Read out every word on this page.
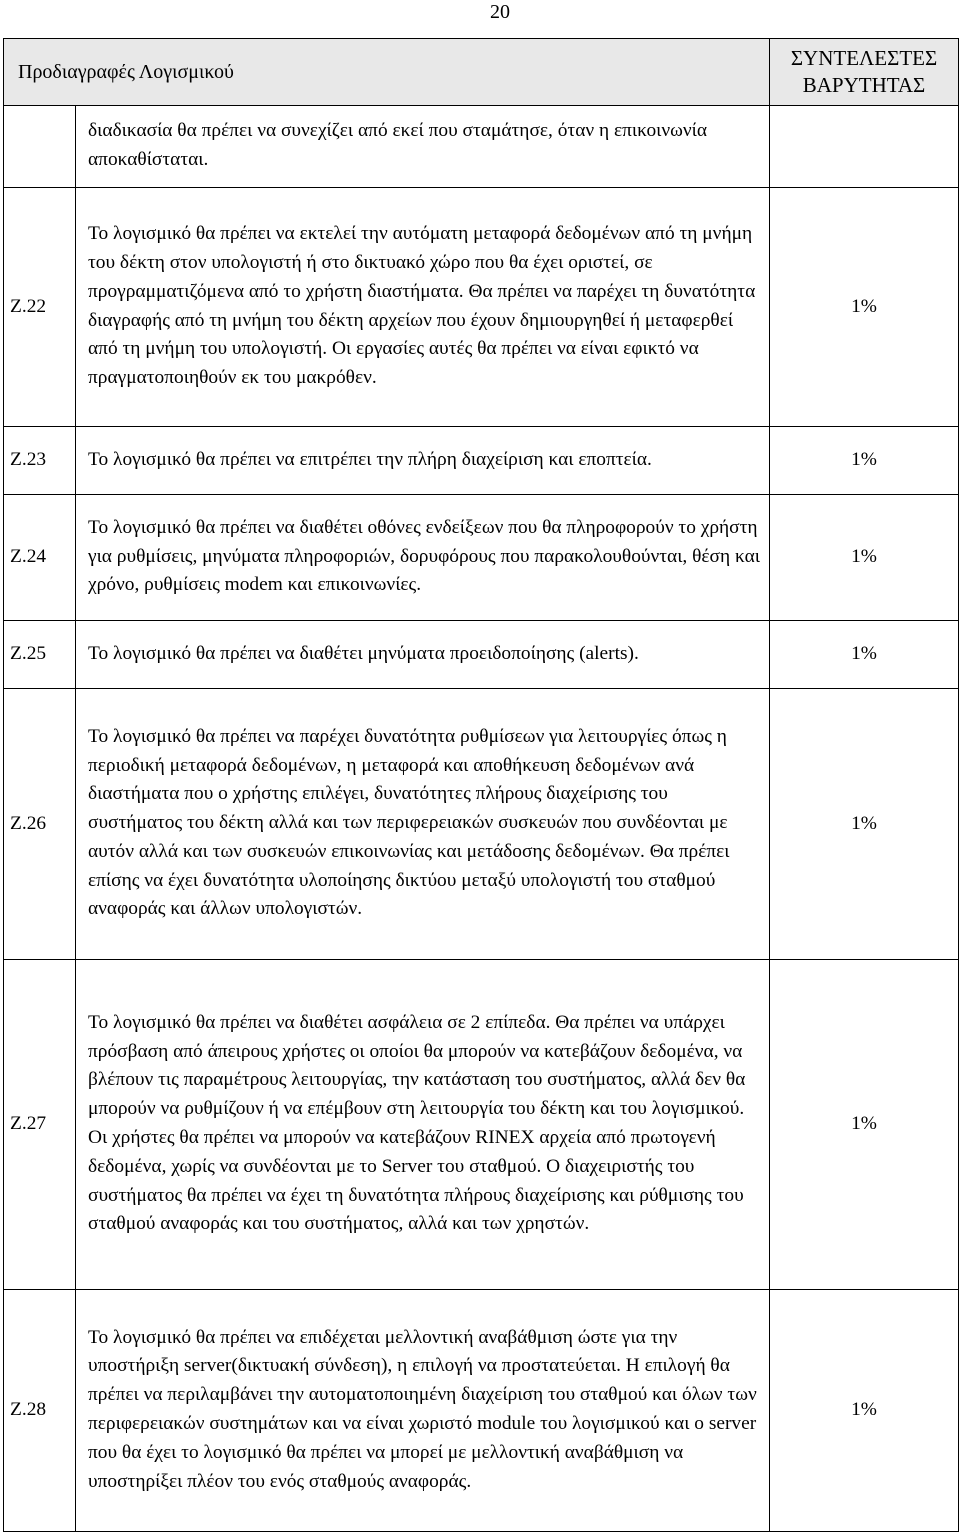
20
Προδιαγραφές Λογισμικού		ΣΥΝΤΕΛΕΣΤΕΣ ΒΑΡΥΤΗΤΑΣ
	διαδικασία θα πρέπει να συνεχίζει από εκεί που σταμάτησε, όταν η επικοινωνία αποκαθίσταται.	
Ζ.22	Το λογισμικό θα πρέπει να εκτελεί την αυτόματη μεταφορά δεδομένων από τη μνήμη του δέκτη στον υπολογιστή ή στο δικτυακό χώρο που θα έχει οριστεί, σε προγραμματιζόμενα από το χρήστη διαστήματα. Θα πρέπει να παρέχει τη δυνατότητα διαγραφής από τη μνήμη του δέκτη αρχείων που έχουν δημιουργηθεί ή μεταφερθεί από τη μνήμη του υπολογιστή. Οι εργασίες αυτές θα πρέπει να είναι εφικτό να πραγματοποιηθούν εκ του μακρόθεν.	1%
Ζ.23	Το λογισμικό θα πρέπει να επιτρέπει την πλήρη διαχείριση και εποπτεία.	1%
Ζ.24	Το λογισμικό θα πρέπει να διαθέτει οθόνες ενδείξεων που θα πληροφορούν το χρήστη για ρυθμίσεις, μηνύματα πληροφοριών, δορυφόρους που παρακολουθούνται, θέση και χρόνο, ρυθμίσεις modem και επικοινωνίες.	1%
Ζ.25	Το λογισμικό θα πρέπει να διαθέτει μηνύματα προειδοποίησης (alerts).	1%
Ζ.26	Το λογισμικό θα πρέπει να παρέχει δυνατότητα ρυθμίσεων για λειτουργίες όπως η περιοδική μεταφορά δεδομένων, η μεταφορά και αποθήκευση δεδομένων ανά διαστήματα που ο χρήστης επιλέγει, δυνατότητες πλήρους διαχείρισης του συστήματος του δέκτη αλλά και των περιφερειακών συσκευών που συνδέονται με αυτόν αλλά και των συσκευών επικοινωνίας και μετάδοσης δεδομένων. Θα πρέπει επίσης να έχει δυνατότητα υλοποίησης δικτύου μεταξύ υπολογιστή του σταθμού αναφοράς και άλλων υπολογιστών.	1%
Ζ.27	Το λογισμικό θα πρέπει να διαθέτει ασφάλεια σε 2 επίπεδα. Θα πρέπει να υπάρχει πρόσβαση από άπειρους χρήστες οι οποίοι θα μπορούν να κατεβάζουν δεδομένα, να βλέπουν τις παραμέτρους λειτουργίας, την κατάσταση του συστήματος, αλλά δεν θα μπορούν να ρυθμίζουν ή να επέμβουν στη λειτουργία του δέκτη και του λογισμικού. Οι χρήστες θα πρέπει να μπορούν να κατεβάζουν RINEX αρχεία από πρωτογενή δεδομένα, χωρίς να συνδέονται με το Server του σταθμού. Ο διαχειριστής του συστήματος θα πρέπει να έχει τη δυνατότητα πλήρους διαχείρισης και ρύθμισης του σταθμού αναφοράς και του συστήματος, αλλά και των χρηστών.	1%
Ζ.28	Το λογισμικό θα πρέπει να επιδέχεται μελλοντική αναβάθμιση ώστε για την υποστήριξη server(δικτυακή σύνδεση), η επιλογή να προστατεύεται. Η επιλογή θα πρέπει να περιλαμβάνει την αυτοματοποιημένη διαχείριση του σταθμού και όλων των περιφερειακών συστημάτων και να είναι χωριστό module του λογισμικού και ο server που θα έχει το λογισμικό θα πρέπει να μπορεί με μελλοντική αναβάθμιση να υποστηρίξει πλέον του ενός σταθμούς αναφοράς.	1%
